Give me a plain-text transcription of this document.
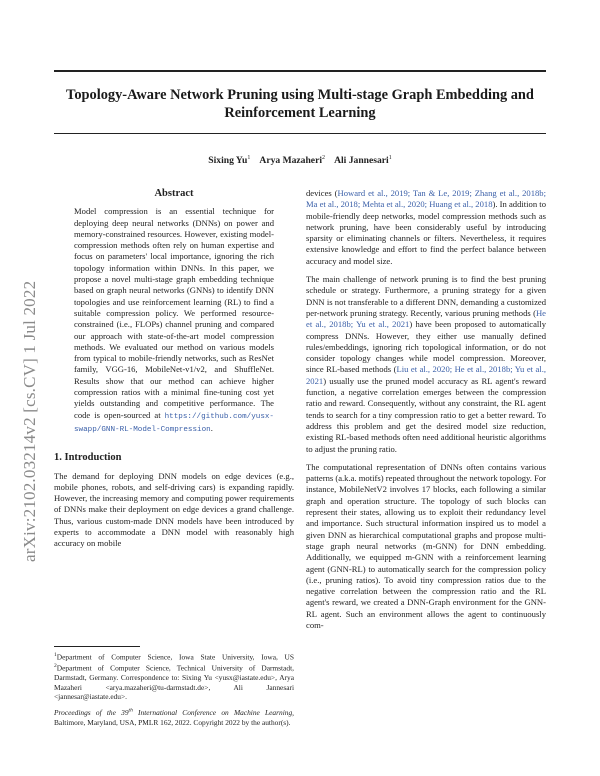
Topology-Aware Network Pruning using Multi-stage Graph Embedding and Reinforcement Learning
Sixing Yu$^1$ Arya Mazaheri$^2$ Ali Jannesari$^1$
arXiv:2102.03214v2 [cs.CV] 1 Jul 2022
Abstract
Model compression is an essential technique for deploying deep neural networks (DNNs) on power and memory-constrained resources. However, existing model-compression methods often rely on human expertise and focus on parameters' local importance, ignoring the rich topology information within DNNs. In this paper, we propose a novel multi-stage graph embedding technique based on graph neural networks (GNNs) to identify DNN topologies and use reinforcement learning (RL) to find a suitable compression policy. We performed resource-constrained (i.e., FLOPs) channel pruning and compared our approach with state-of-the-art model compression methods. We evaluated our method on various models from typical to mobile-friendly networks, such as ResNet family, VGG-16, MobileNet-v1/v2, and ShuffleNet. Results show that our method can achieve higher compression ratios with a minimal fine-tuning cost yet yields outstanding and competitive performance. The code is open-sourced at https://github.com/yusx-swapp/GNN-RL-Model-Compression.
1. Introduction

The demand for deploying DNN models on edge devices (e.g., mobile phones, robots, and self-driving cars) is expanding rapidly. However, the increasing memory and computing power requirements of DNNs make their deployment on edge devices a grand challenge. Thus, various custom-made DNN models have been introduced by experts to accommodate a DNN model with reasonably high accuracy on mobile

devices (Howard et al., 2019; Tan & Le, 2019; Zhang et al., 2018b; Ma et al., 2018; Mehta et al., 2020; Huang et al., 2018). In addition to mobile-friendly deep networks, model compression methods such as network pruning, have been considerably useful by introducing sparsity or eliminating channels or filters. Nevertheless, it requires extensive knowledge and effort to find the perfect balance between accuracy and model size.

The main challenge of network pruning is to find the best pruning schedule or strategy. Furthermore, a pruning strategy for a given DNN is not transferable to a different DNN, demanding a customized per-network pruning strategy. Recently, various pruning methods (He et al., 2018b; Yu et al., 2021) have been proposed to automatically compress DNNs. However, they either use manually defined rules/embeddings, ignoring rich topological information, or do not consider topology changes while model compression. Moreover, since RL-based methods (Liu et al., 2020; He et al., 2018b; Yu et al., 2021) usually use the pruned model accuracy as RL agent's reward function, a negative correlation emerges between the compression ratio and reward. Consequently, without any constraint, the RL agent tends to search for a tiny compression ratio to get a better reward. To address this problem and get the desired model size reduction, existing RL-based methods often need additional heuristic algorithms to adjust the pruning ratio.

The computational representation of DNNs often contains various patterns (a.k.a. motifs) repeated throughout the network topology. For instance, MobileNetV2 involves 17 blocks, each following a similar graph and operation structure. The topology of such blocks can represent their states, allowing us to exploit their redundancy level and importance. Such structural information inspired us to model a given DNN as hierarchical computational graphs and propose multi-stage graph neural networks (m-GNN) for DNN embedding. Additionally, we equipped m-GNN with a reinforcement learning agent (GNN-RL) to automatically search for the compression policy (i.e., pruning ratios). To avoid tiny compression ratios due to the negative correlation between the compression ratio and the RL agent's reward, we created a DNN-Graph environment for the GNN-RL agent. Such an environment allows the agent to continuously com-

$^1$Department of Computer Science, Iowa State University, Iowa, US $^2$Department of Computer Science, Technical University of Darmstadt, Darmstadt, Germany. Correspondence to: Sixing Yu <yusx@iastate.edu>, Arya Mazaheri <arya.mazaheri@tu-darmstadt.de>, Ali Jannesari <jannesar@iastate.edu>.

Proceedings of the 39th International Conference on Machine Learning, Baltimore, Maryland, USA, PMLR 162, 2022. Copyright 2022 by the author(s).
